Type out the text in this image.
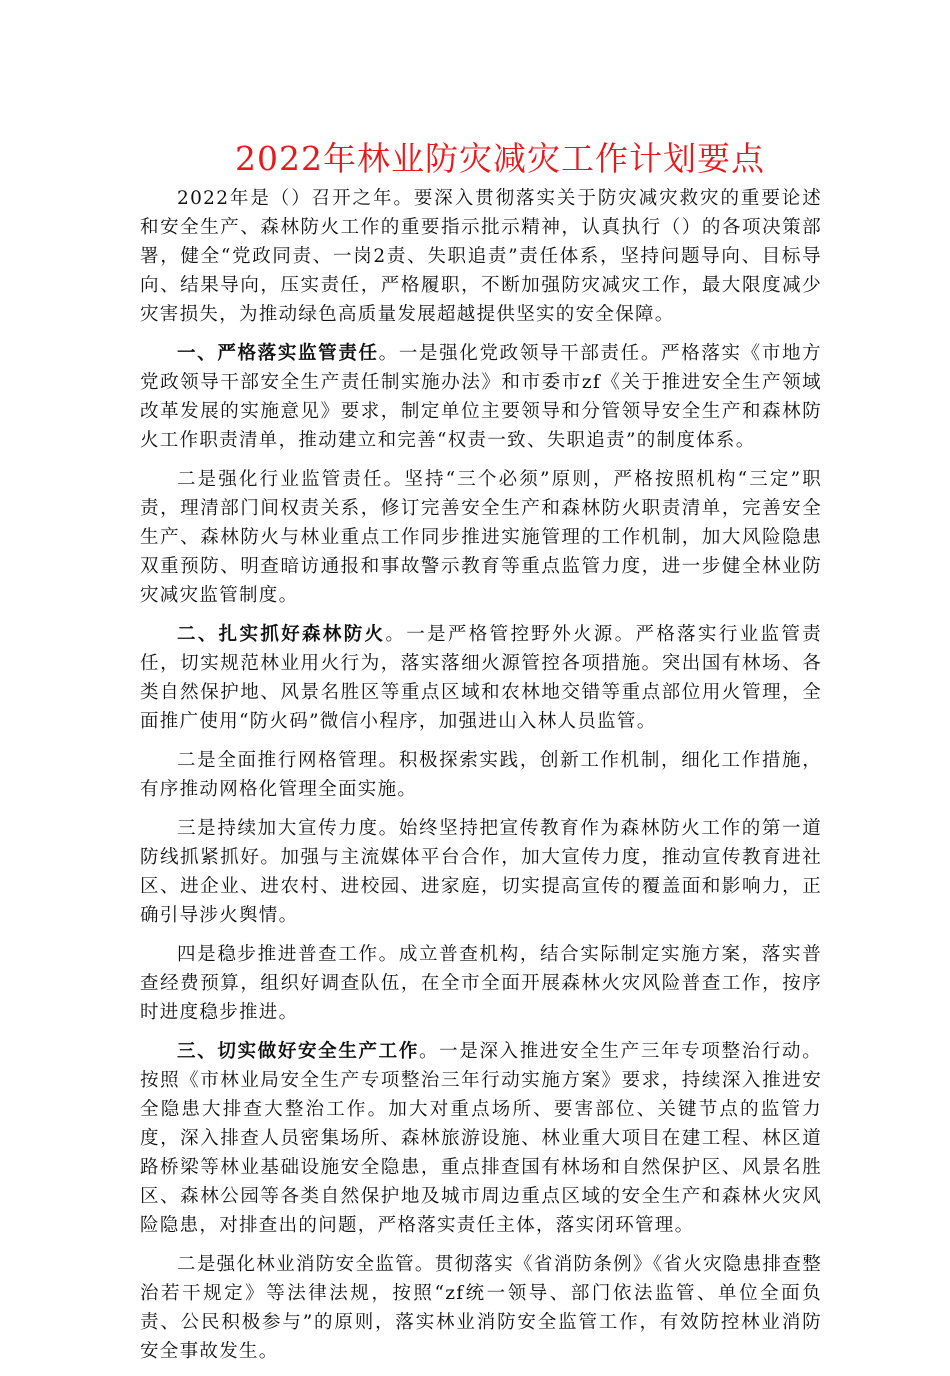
2022年林业防灾减灾工作计划要点

2022年是（）召开之年。要深入贯彻落实关于防灾减灾救灾的重要论述和安全生产、森林防火工作的重要指示批示精神，认真执行（）的各项决策部署，健全“党政同责、一岗2责、失职追责”责任体系，坚持问题导向、目标导向、结果导向，压实责任，严格履职，不断加强防灾减灾工作，最大限度减少灾害损失，为推动绿色高质量发展超越提供坚实的安全保障。

一、严格落实监管责任。一是强化党政领导干部责任。严格落实《市地方党政领导干部安全生产责任制实施办法》和市委市zf《关于推进安全生产领域改革发展的实施意见》要求，制定单位主要领导和分管领导安全生产和森林防火工作职责清单，推动建立和完善“权责一致、失职追责”的制度体系。

二是强化行业监管责任。坚持“三个必须”原则，严格按照机构“三定”职责，理清部门间权责关系，修订完善安全生产和森林防火职责清单，完善安全生产、森林防火与林业重点工作同步推进实施管理的工作机制，加大风险隐患双重预防、明查暗访通报和事故警示教育等重点监管力度，进一步健全林业防灾减灾监管制度。

二、扎实抓好森林防火。一是严格管控野外火源。严格落实行业监管责任，切实规范林业用火行为，落实落细火源管控各项措施。突出国有林场、各类自然保护地、风景名胜区等重点区域和农林地交错等重点部位用火管理，全面推广使用“防火码”微信小程序，加强进山入林人员监管。

二是全面推行网格管理。积极探索实践，创新工作机制，细化工作措施，有序推动网格化管理全面实施。

三是持续加大宣传力度。始终坚持把宣传教育作为森林防火工作的第一道防线抓紧抓好。加强与主流媒体平台合作，加大宣传力度，推动宣传教育进社区、进企业、进农村、进校园、进家庭，切实提高宣传的覆盖面和影响力，正确引导涉火舆情。

四是稳步推进普查工作。成立普查机构，结合实际制定实施方案，落实普查经费预算，组织好调查队伍，在全市全面开展森林火灾风险普查工作，按序时进度稳步推进。

三、切实做好安全生产工作。一是深入推进安全生产三年专项整治行动。按照《市林业局安全生产专项整治三年行动实施方案》要求，持续深入推进安全隐患大排查大整治工作。加大对重点场所、要害部位、关键节点的监管力度，深入排查人员密集场所、森林旅游设施、林业重大项目在建工程、林区道路桥梁等林业基础设施安全隐患，重点排查国有林场和自然保护区、风景名胜区、森林公园等各类自然保护地及城市周边重点区域的安全生产和森林火灾风险隐患，对排查出的问题，严格落实责任主体，落实闭环管理。

二是强化林业消防安全监管。贯彻落实《省消防条例》《省火灾隐患排查整治若干规定》等法律法规，按照“zf统一领导、部门依法监管、单位全面负责、公民积极参与”的原则，落实林业消防安全监管工作，有效防控林业消防安全事故发生。
